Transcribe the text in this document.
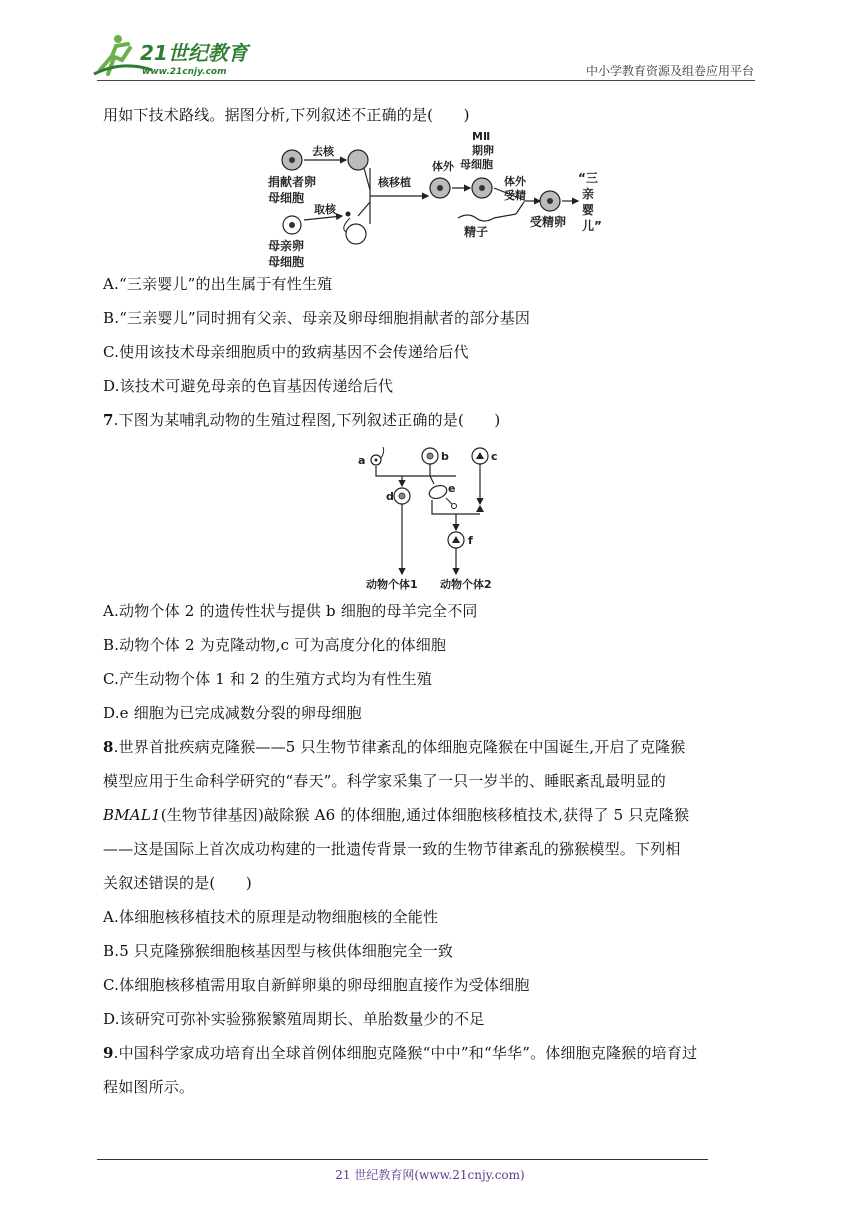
21世纪教育
www.21cnjy.com	中小学教育资源及组卷应用平台
用如下技术路线。据图分析,下列叙述不正确的是(　　)
捐献者卵
母细胞
去核
母亲卵
母细胞
取核
核移植
体外
MⅡ
期卵
母细胞
精子
体外
受精
受精卵
“三
亲
婴
儿”
A.“三亲婴儿”的出生属于有性生殖
B.“三亲婴儿”同时拥有父亲、母亲及卵母细胞捐献者的部分基因
C.使用该技术母亲细胞质中的致病基因不会传递给后代
D.该技术可避免母亲的色盲基因传递给后代
7.下图为某哺乳动物的生殖过程图,下列叙述正确的是(　　)
a	b	c
d
e
f
动物个体1 动物个体2
A.动物个体 2 的遗传性状与提供 b 细胞的母羊完全不同
B.动物个体 2 为克隆动物,c 可为高度分化的体细胞
C.产生动物个体 1 和 2 的生殖方式均为有性生殖
D.e 细胞为已完成减数分裂的卵母细胞
8.世界首批疾病克隆猴——5 只生物节律紊乱的体细胞克隆猴在中国诞生,开启了克隆猴
模型应用于生命科学研究的“春天”。科学家采集了一只一岁半的、睡眠紊乱最明显的
BMAL1(生物节律基因)敲除猴 A6 的体细胞,通过体细胞核移植技术,获得了 5 只克隆猴
——这是国际上首次成功构建的一批遗传背景一致的生物节律紊乱的猕猴模型。下列相
关叙述错误的是(　　)
A.体细胞核移植技术的原理是动物细胞核的全能性
B.5 只克隆猕猴细胞核基因型与核供体细胞完全一致
C.体细胞核移植需用取自新鲜卵巢的卵母细胞直接作为受体细胞
D.该研究可弥补实验猕猴繁殖周期长、单胎数量少的不足
9.中国科学家成功培育出全球首例体细胞克隆猴“中中”和“华华”。体细胞克隆猴的培育过
程如图所示。
21 世纪教育网(www.21cnjy.com)
